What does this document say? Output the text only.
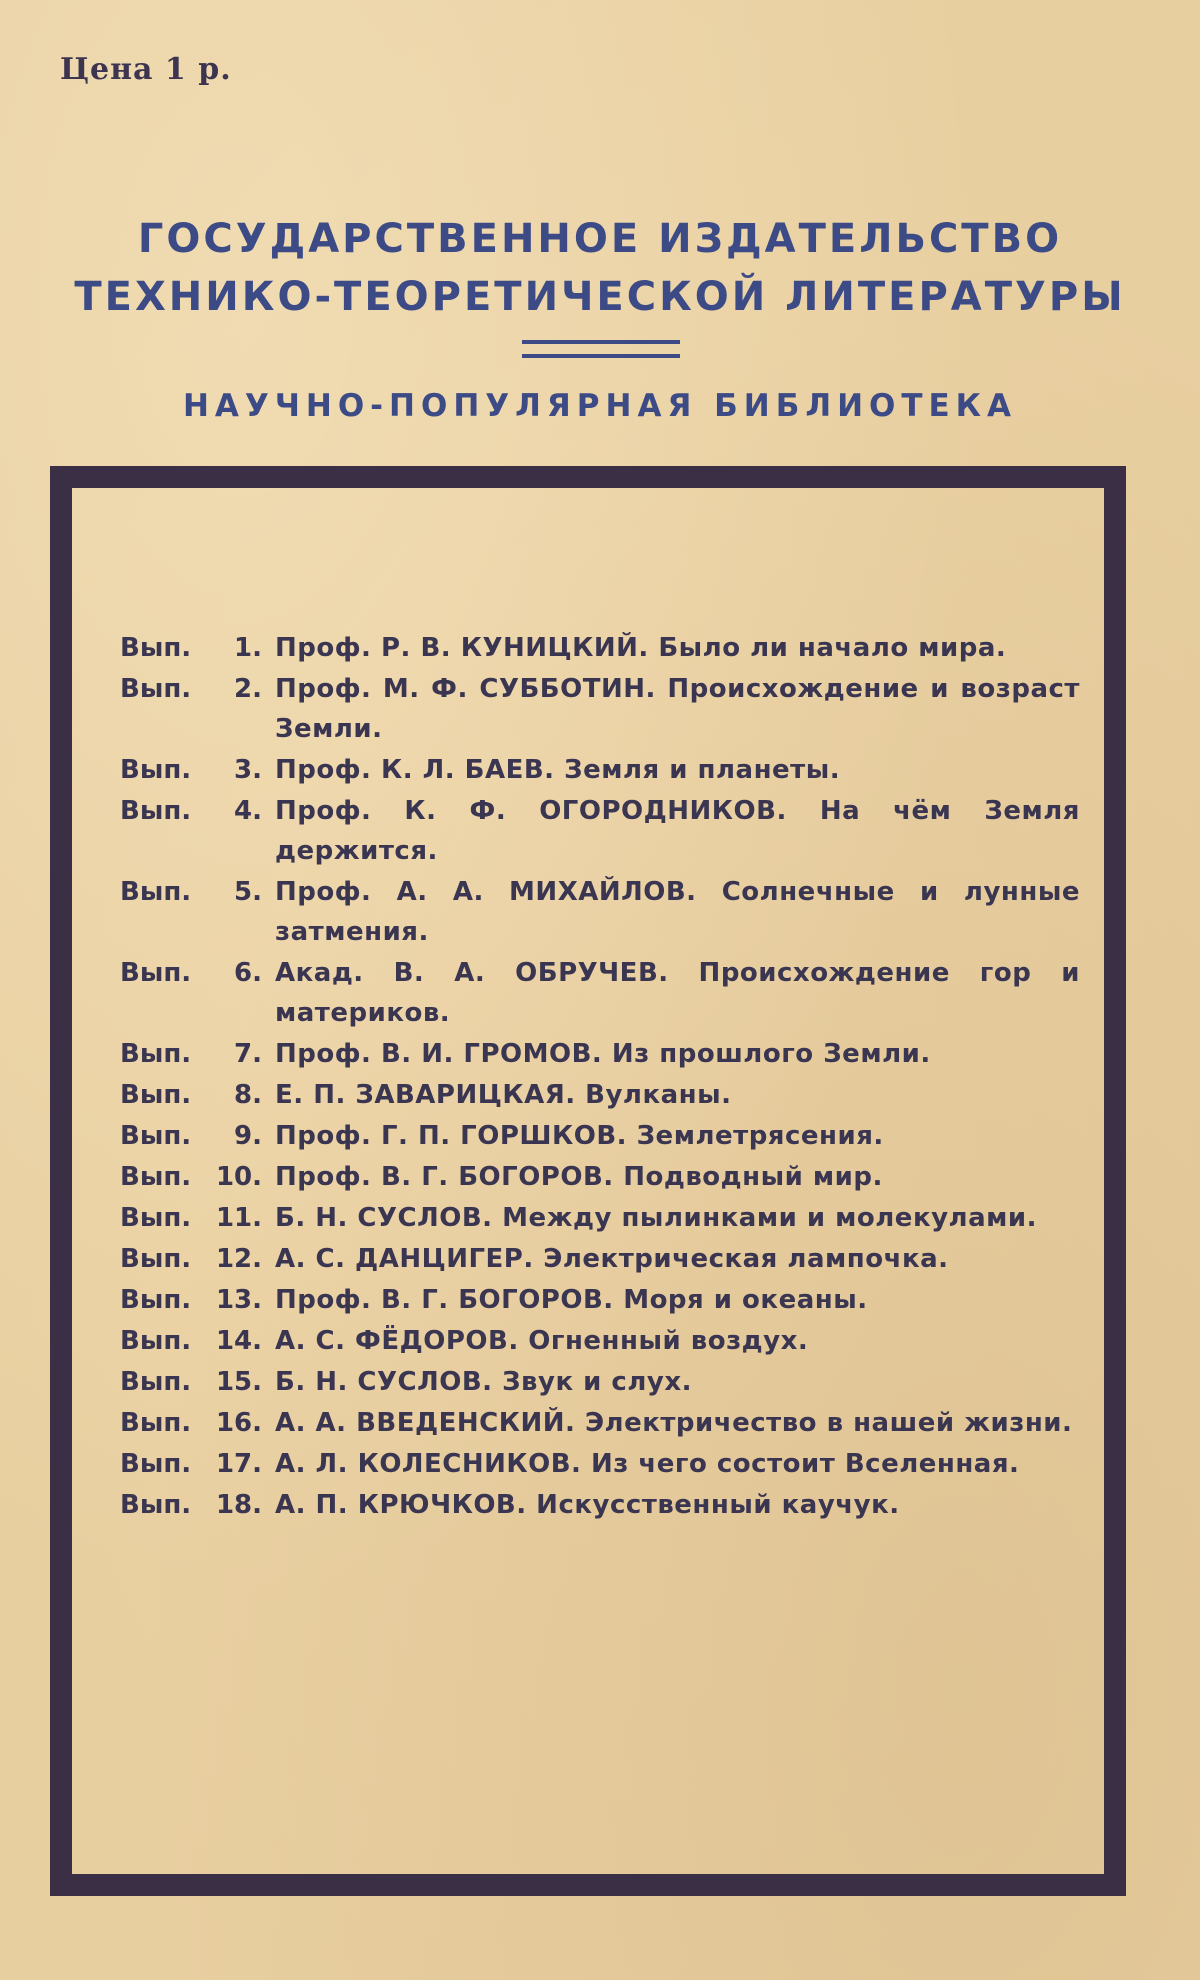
Цена 1 р.
ГОСУДАРСТВЕННОЕ ИЗДАТЕЛЬСТВО
ТЕХНИКО-ТЕОРЕТИЧЕСКОЙ ЛИТЕРАТУРЫ
НАУЧНО-ПОПУЛЯРНАЯ БИБЛИОТЕКА
Вып.	1. Проф. Р. В. КУНИЦКИЙ. Было ли начало мира.
Вып.	2. Проф. М. Ф. СУББОТИН. Происхождение и возраст Земли.
Вып.	3. Проф. К. Л. БАЕВ. Земля и планеты.
Вып.	4. Проф. К. Ф. ОГОРОДНИКОВ. На чём Земля держится.
Вып.	5. Проф. А. А. МИХАЙЛОВ. Солнечные и лунные затмения.
Вып.	6. Акад. В. А. ОБРУЧЕВ. Происхождение гор и материков.
Вып.	7. Проф. В. И. ГРОМОВ. Из прошлого Земли.
Вып.	8. Е. П. ЗАВАРИЦКАЯ. Вулканы.
Вып.	9. Проф. Г. П. ГОРШКОВ. Землетрясения.
Вып. 10. Проф. В. Г. БОГОРОВ. Подводный мир.
Вып. 11. Б. Н. СУСЛОВ. Между пылинками и молекулами.
Вып. 12. А. С. ДАНЦИГЕР. Электрическая лампочка.
Вып. 13. Проф. В. Г. БОГОРОВ. Моря и океаны.
Вып. 14. А. С. ФЁДОРОВ. Огненный воздух.
Вып. 15. Б. Н. СУСЛОВ. Звук и слух.
Вып. 16. А. А. ВВЕДЕНСКИЙ. Электричество в нашей жизни.
Вып. 17. А. Л. КОЛЕСНИКОВ. Из чего состоит Вселенная.
Вып. 18. А. П. КРЮЧКОВ. Искусственный каучук.
